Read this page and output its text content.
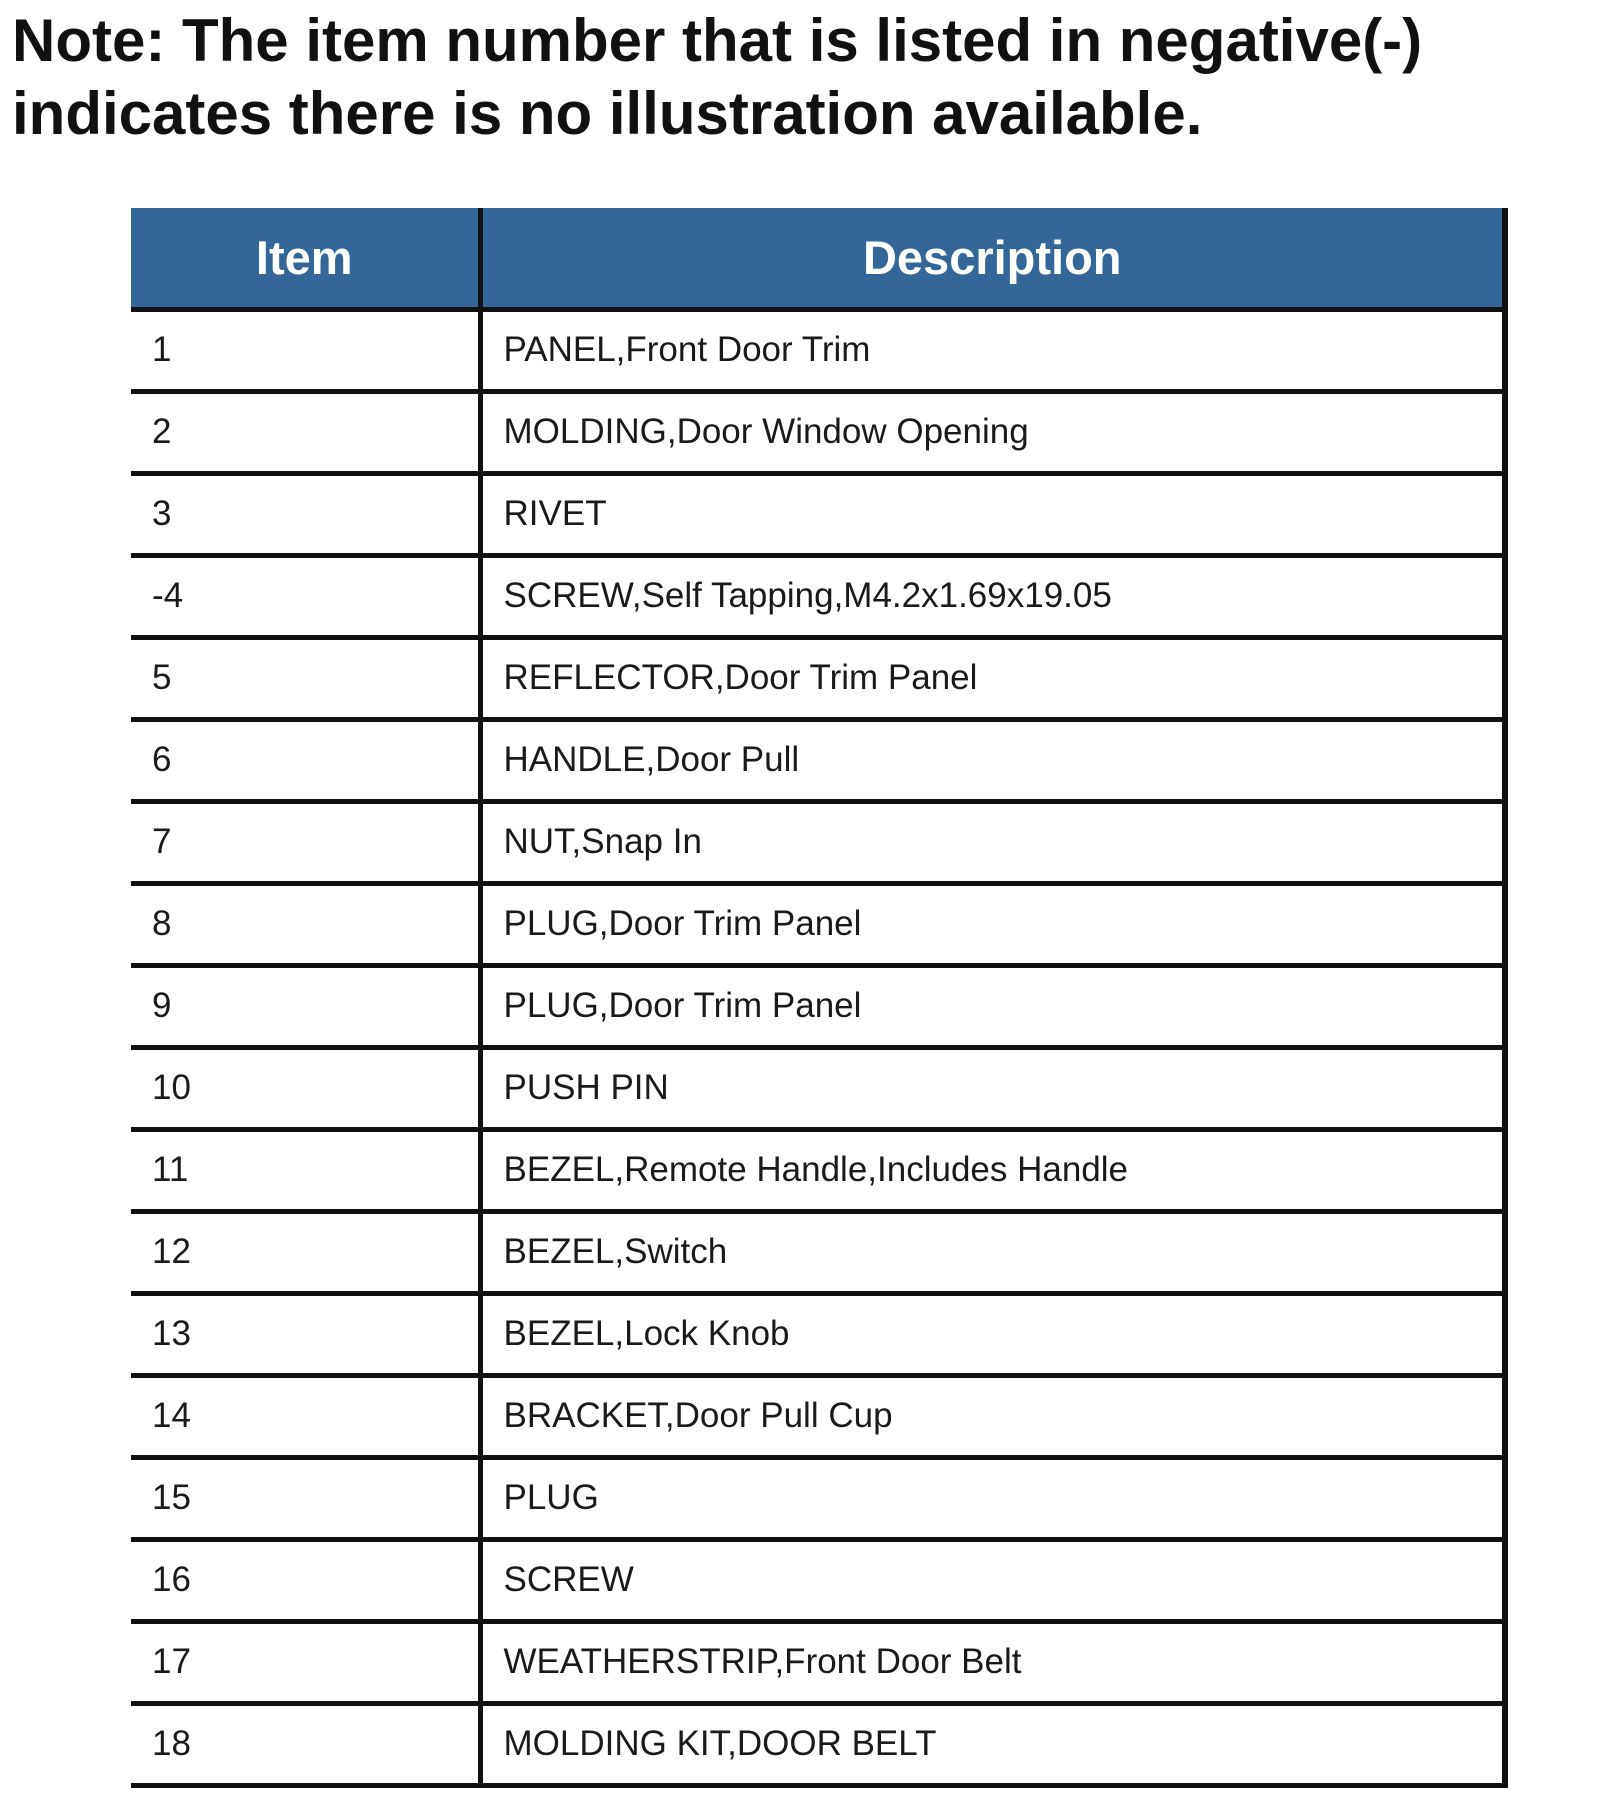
Note: The item number that is listed in negative(-)
indicates there is no illustration available.

Item	Description
1	PANEL,Front Door Trim
2	MOLDING,Door Window Opening
3	RIVET
-4	SCREW,Self Tapping,M4.2x1.69x19.05
5	REFLECTOR,Door Trim Panel
6	HANDLE,Door Pull
7	NUT,Snap In
8	PLUG,Door Trim Panel
9	PLUG,Door Trim Panel
10	PUSH PIN
11	BEZEL,Remote Handle,Includes Handle
12	BEZEL,Switch
13	BEZEL,Lock Knob
14	BRACKET,Door Pull Cup
15	PLUG
16	SCREW
17	WEATHERSTRIP,Front Door Belt
18	MOLDING KIT,DOOR BELT
